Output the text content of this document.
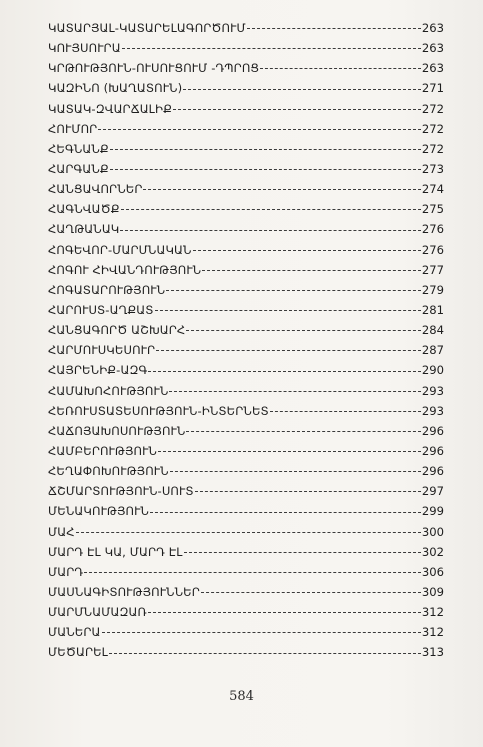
ԿԱՏԱՐՅԱԼ-ԿԱՏԱՐԵԼԱԳՈՐԾՈՒՄ	263
ԿՈՒՅՍՈՒՐԱ	263
ԿՐԹՈՒԹՅՈՒՆ-ՈՒՍՈՒՑՈՒՄ -ԴՊՐՈՑ	263
ԿԱԶԻՆՈ (ԽԱՂԱՏՈՒՆ)	271
ԿԱՏԱԿ-ԶՎԱՐՃԱԼԻՔ	272
ՀՈՒՄՈՐ	272
ՀԵԳՆԱՆՔ	272
ՀԱՐԳԱՆՔ	273
ՀԱՆՑԱՎՈՐՆԵՐ	274
ՀԱԳՆՎԱԾՔ	275
ՀԱՂԹԱՆԱԿ	276
ՀՈԳԵՎՈՐ-ՄԱՐՄՆԱԿԱՆ	276
ՀՈԳՈՒ ՀԻՎԱՆԴՈՒԹՅՈՒՆ	277
ՀՈԳԱՏԱՐՈՒԹՅՈՒՆ	279
ՀԱՐՈՒՍՏ-ԱՂՔԱՏ	281
ՀԱՆՑԱԳՈՐԾ ԱՇԽԱՐՀ	284
ՀԱՐՄՈՒՍԿԵՍՈՒՐ	287
ՀԱՅՐԵՆԻՔ-ԱԶԳ	290
ՀԱՄԱԽՈՀՈՒԹՅՈՒՆ	293
ՀԵՌՈՒՍՏԱՏԵՍՈՒԹՅՈՒՆ-ԻՆՏԵՐՆԵՏ	293
ՀԱՃՈՅԱԽՈՍՈՒԹՅՈՒՆ	296
ՀԱՄԲԵՐՈՒԹՅՈՒՆ	296
ՀԵՂԱՓՈԽՈՒԹՅՈՒՆ	296
ՃՇՄԱՐՏՈՒԹՅՈՒՆ-ՍՈՒՏ	297
ՄԵՆԱԿՈՒԹՅՈՒՆ	299
ՄԱՀ	300
ՄԱՐԴ ԷԼ ԿԱ, ՄԱՐԴ ԷԼ	302
ՄԱՐԴ	306
ՄԱՍՆԱԳԻՏՈՒԹՅՈՒՆՆԵՐ	309
ՄԱՐՄՆԱՄԱԶԱՌ	312
ՄԱՆԵՐԱ	312
ՄԵԾԱՐԵԼ	313
584
